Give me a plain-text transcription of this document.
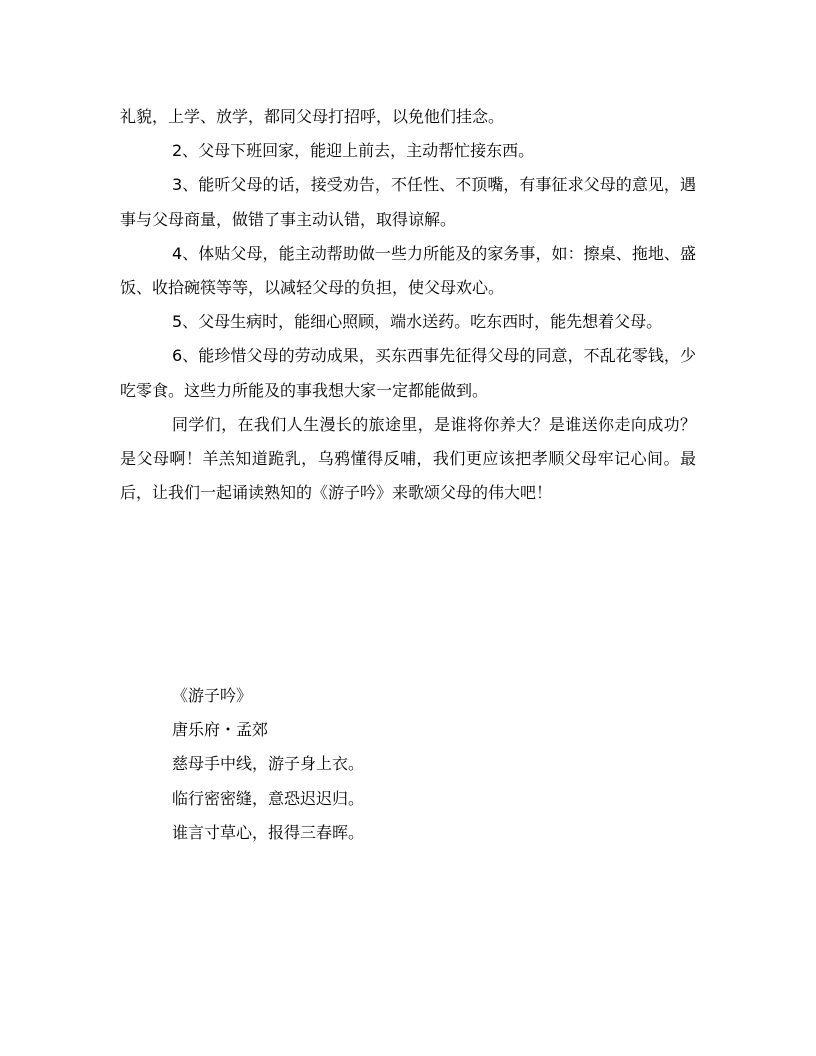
礼貌，上学、放学，都同父母打招呼，以免他们挂念。

2、父母下班回家，能迎上前去，主动帮忙接东西。

3、能听父母的话，接受劝告，不任性、不顶嘴，有事征求父母的意见，遇事与父母商量，做错了事主动认错，取得谅解。

4、体贴父母，能主动帮助做一些力所能及的家务事，如：擦桌、拖地、盛饭、收拾碗筷等等，以减轻父母的负担，使父母欢心。

5、父母生病时，能细心照顾，端水送药。吃东西时，能先想着父母。

6、能珍惜父母的劳动成果，买东西事先征得父母的同意，不乱花零钱，少吃零食。这些力所能及的事我想大家一定都能做到。

同学们，在我们人生漫长的旅途里，是谁将你养大？是谁送你走向成功？是父母啊！羊羔知道跪乳，乌鸦懂得反哺，我们更应该把孝顺父母牢记心间。最后，让我们一起诵读熟知的《游子吟》来歌颂父母的伟大吧！

《游子吟》

唐乐府・孟郊

慈母手中线，游子身上衣。

临行密密缝，意恐迟迟归。

谁言寸草心，报得三春晖。
